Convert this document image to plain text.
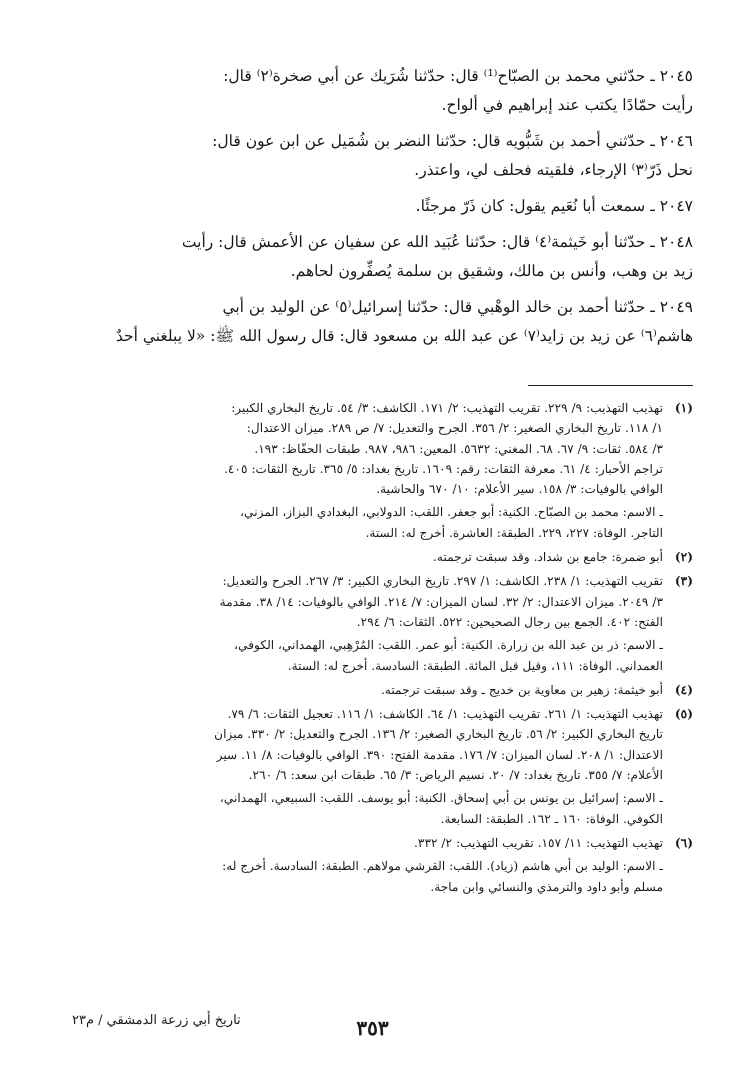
٢٠٤٥ ـ حدّثني محمد بن الصبّاح⁽¹⁾ قال: حدّثنا شُرَيك عن أبي صخرة⁽٢⁾ قال:
رأيت حمّادًا يكتب عند إبراهيم في ألواح.
٢٠٤٦ ـ حدّثني أحمد بن شَبُّويه قال: حدّثنا النضر بن شُمَيل عن ابن عون قال:
نحل ذَرّ⁽٣⁾ الإرجاء، فلقيته فحلف لي، واعتذر.
٢٠٤٧ ـ سمعت أبا نُعَيم يقول: كان ذَرّ مرجئًا.
٢٠٤٨ ـ حدّثنا أبو خَيثمة⁽٤⁾ قال: حدّثنا عُبَيد الله عن سفيان عن الأعمش قال: رأيت
زيد بن وهب، وأنس بن مالك، وشقيق بن سلمة يُصفِّرون لحاهم.
٢٠٤٩ ـ حدّثنا أحمد بن خالد الوهْبي قال: حدّثنا إسرائيل⁽٥⁾ عن الوليد بن أبي
هاشم⁽٦⁾ عن زيد بن زايد⁽٧⁾ عن عبد الله بن مسعود قال: قال رسول الله ﷺ: «لا يبلغني أحدٌ
(١)
تهذيب التهذيب: ٩/ ٢٢٩. تقريب التهذيب: ٢/ ١٧١. الكاشف: ٣/ ٥٤. تاريخ البخاري الكبير:
١/ ١١٨. تاريخ البخاري الصغير: ٢/ ٣٥٦. الجرح والتعديل: ٧/ ص ٢٨٩. ميزان الاعتدال:
٣/ ٥٨٤. ثقات: ٩/ ٦٧. ٦٨. المغني: ٥٦٣٢. المعين: ٩٨٦، ٩٨٧. طبقات الحفّاظ: ١٩٣.
تراجم الأحبار: ٤/ ٦١. معرفة الثقات: رقم: ١٦٠٩. تاريخ بغداد: ٥/ ٣٦٥. تاريخ الثقات: ٤٠٥.
الوافي بالوفيات: ٣/ ١٥٨. سير الأعلام: ١٠/ ٦٧٠ والحاشية.
ـ الاسم: محمد بن الصبّاح. الكنية: أبو جعفر. اللقب: الدولابي، البغدادي البزاز، المزني،
التاجر. الوفاة: ٢٢٧، ٢٢٩. الطبقة: العاشرة. أخرج له: الستة.
(٢)
أبو ضمرة: جامع بن شداد. وقد سبقت ترجمته.
(٣)
تقريب التهذيب: ١/ ٢٣٨. الكاشف: ١/ ٢٩٧. تاريخ البخاري الكبير: ٣/ ٢٦٧. الجرح والتعديل:
٣/ ٢٠٤٩. ميزان الاعتدال: ٢/ ٣٢. لسان الميزان: ٧/ ٢١٤. الوافي بالوفيات: ١٤/ ٣٨. مقدمة
الفتح: ٤٠٢. الجمع بين رجال الصحيحين: ٥٢٢. الثقات: ٦/ ٢٩٤.
ـ الاسم: ذر بن عبد الله بن زرارة. الكنية: أبو عمر. اللقب: المُرْهِبي، الهمداني، الكوفي،
العمداني. الوفاة: ١١١، وقيل قبل المائة. الطبقة: السادسة. أخرج له: الستة.
(٤)
أبو خيثمة: زهير بن معاوية بن خديج ـ وقد سبقت ترجمته.
(٥)
تهذيب التهذيب: ١/ ٢٦١. تقريب التهذيب: ١/ ٦٤. الكاشف: ١/ ١١٦. تعجيل الثقات: ٦/ ٧٩.
تاريخ البخاري الكبير: ٢/ ٥٦. تاريخ البخاري الصغير: ٢/ ١٣٦. الجرح والتعديل: ٢/ ٣٣٠. ميزان
الاعتدال: ١/ ٢٠٨. لسان الميزان: ٧/ ١٧٦. مقدمة الفتح: ٣٩٠. الوافي بالوفيات: ٨/ ١١. سير
الأعلام: ٧/ ٣٥٥. تاريخ بغداد: ٧/ ٢٠. نسيم الرياض: ٣/ ٦٥. طبقات ابن سعد: ٦/ ٢٦٠.
ـ الاسم: إسرائيل بن يونس بن أبي إسحاق. الكنية: أبو يوسف. اللقب: السبيعي، الهمداني،
الكوفي. الوفاة: ١٦٠ ـ ١٦٢. الطبقة: السابعة.
(٦)
تهذيب التهذيب: ١١/ ١٥٧. تقريب التهذيب: ٢/ ٣٣٢.
ـ الاسم: الوليد بن أبي هاشم (زياد). اللقب: القرشي مولاهم. الطبقة: السادسة. أخرج له:
مسلم وأبو داود والترمذي والنسائي وابن ماجة.
تاريخ أبي زرعة الدمشقي / م٢٣	٣٥٣
